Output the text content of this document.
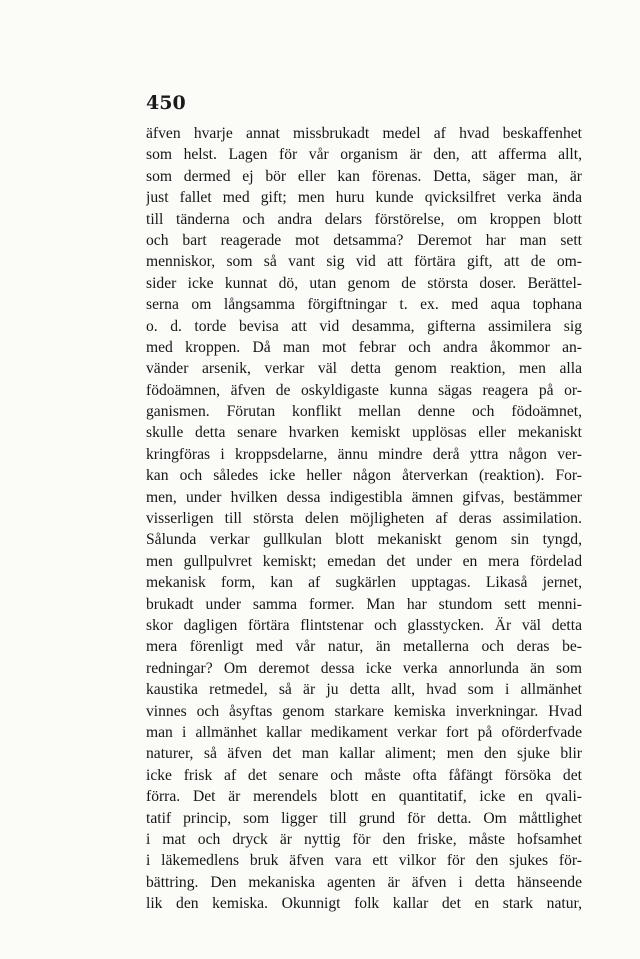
450
äfven hvarje annat missbrukadt medel af hvad beskaffenhet
som helst. Lagen för vår organism är den, att afferma allt,
som dermed ej bör eller kan förenas. Detta, säger man, är
just fallet med gift; men huru kunde qvicksilfret verka ända
till tänderna och andra delars förstörelse, om kroppen blott
och bart reagerade mot detsamma? Deremot har man sett
menniskor, som så vant sig vid att förtära gift, att de om-
sider icke kunnat dö, utan genom de största doser. Berättel-
serna om långsamma förgiftningar t. ex. med aqua tophana
o. d. torde bevisa att vid desamma, gifterna assimilera sig
med kroppen. Då man mot febrar och andra åkommor an-
vänder arsenik, verkar väl detta genom reaktion, men alla
födoämnen, äfven de oskyldigaste kunna sägas reagera på or-
ganismen. Förutan konflikt mellan denne och födoämnet,
skulle detta senare hvarken kemiskt upplösas eller mekaniskt
kringföras i kroppsdelarne, ännu mindre derå yttra någon ver-
kan och således icke heller någon återverkan (reaktion). For-
men, under hvilken dessa indigestibla ämnen gifvas, bestämmer
visserligen till största delen möjligheten af deras assimilation.
Sålunda verkar gullkulan blott mekaniskt genom sin tyngd,
men gullpulvret kemiskt; emedan det under en mera fördelad
mekanisk form, kan af sugkärlen upptagas. Likaså jernet,
brukadt under samma former. Man har stundom sett menni-
skor dagligen förtära flintstenar och glasstycken. Är väl detta
mera förenligt med vår natur, än metallerna och deras be-
redningar? Om deremot dessa icke verka annorlunda än som
kaustika retmedel, så är ju detta allt, hvad som i allmänhet
vinnes och åsyftas genom starkare kemiska inverkningar. Hvad
man i allmänhet kallar medikament verkar fort på oförderfvade
naturer, så äfven det man kallar aliment; men den sjuke blir
icke frisk af det senare och måste ofta fåfängt försöka det
förra. Det är merendels blott en quantitatif, icke en qvali-
tatif princip, som ligger till grund för detta. Om måttlighet
i mat och dryck är nyttig för den friske, måste hofsamhet
i läkemedlens bruk äfven vara ett vilkor för den sjukes för-
bättring. Den mekaniska agenten är äfven i detta hänseende
lik den kemiska. Okunnigt folk kallar det en stark natur,
